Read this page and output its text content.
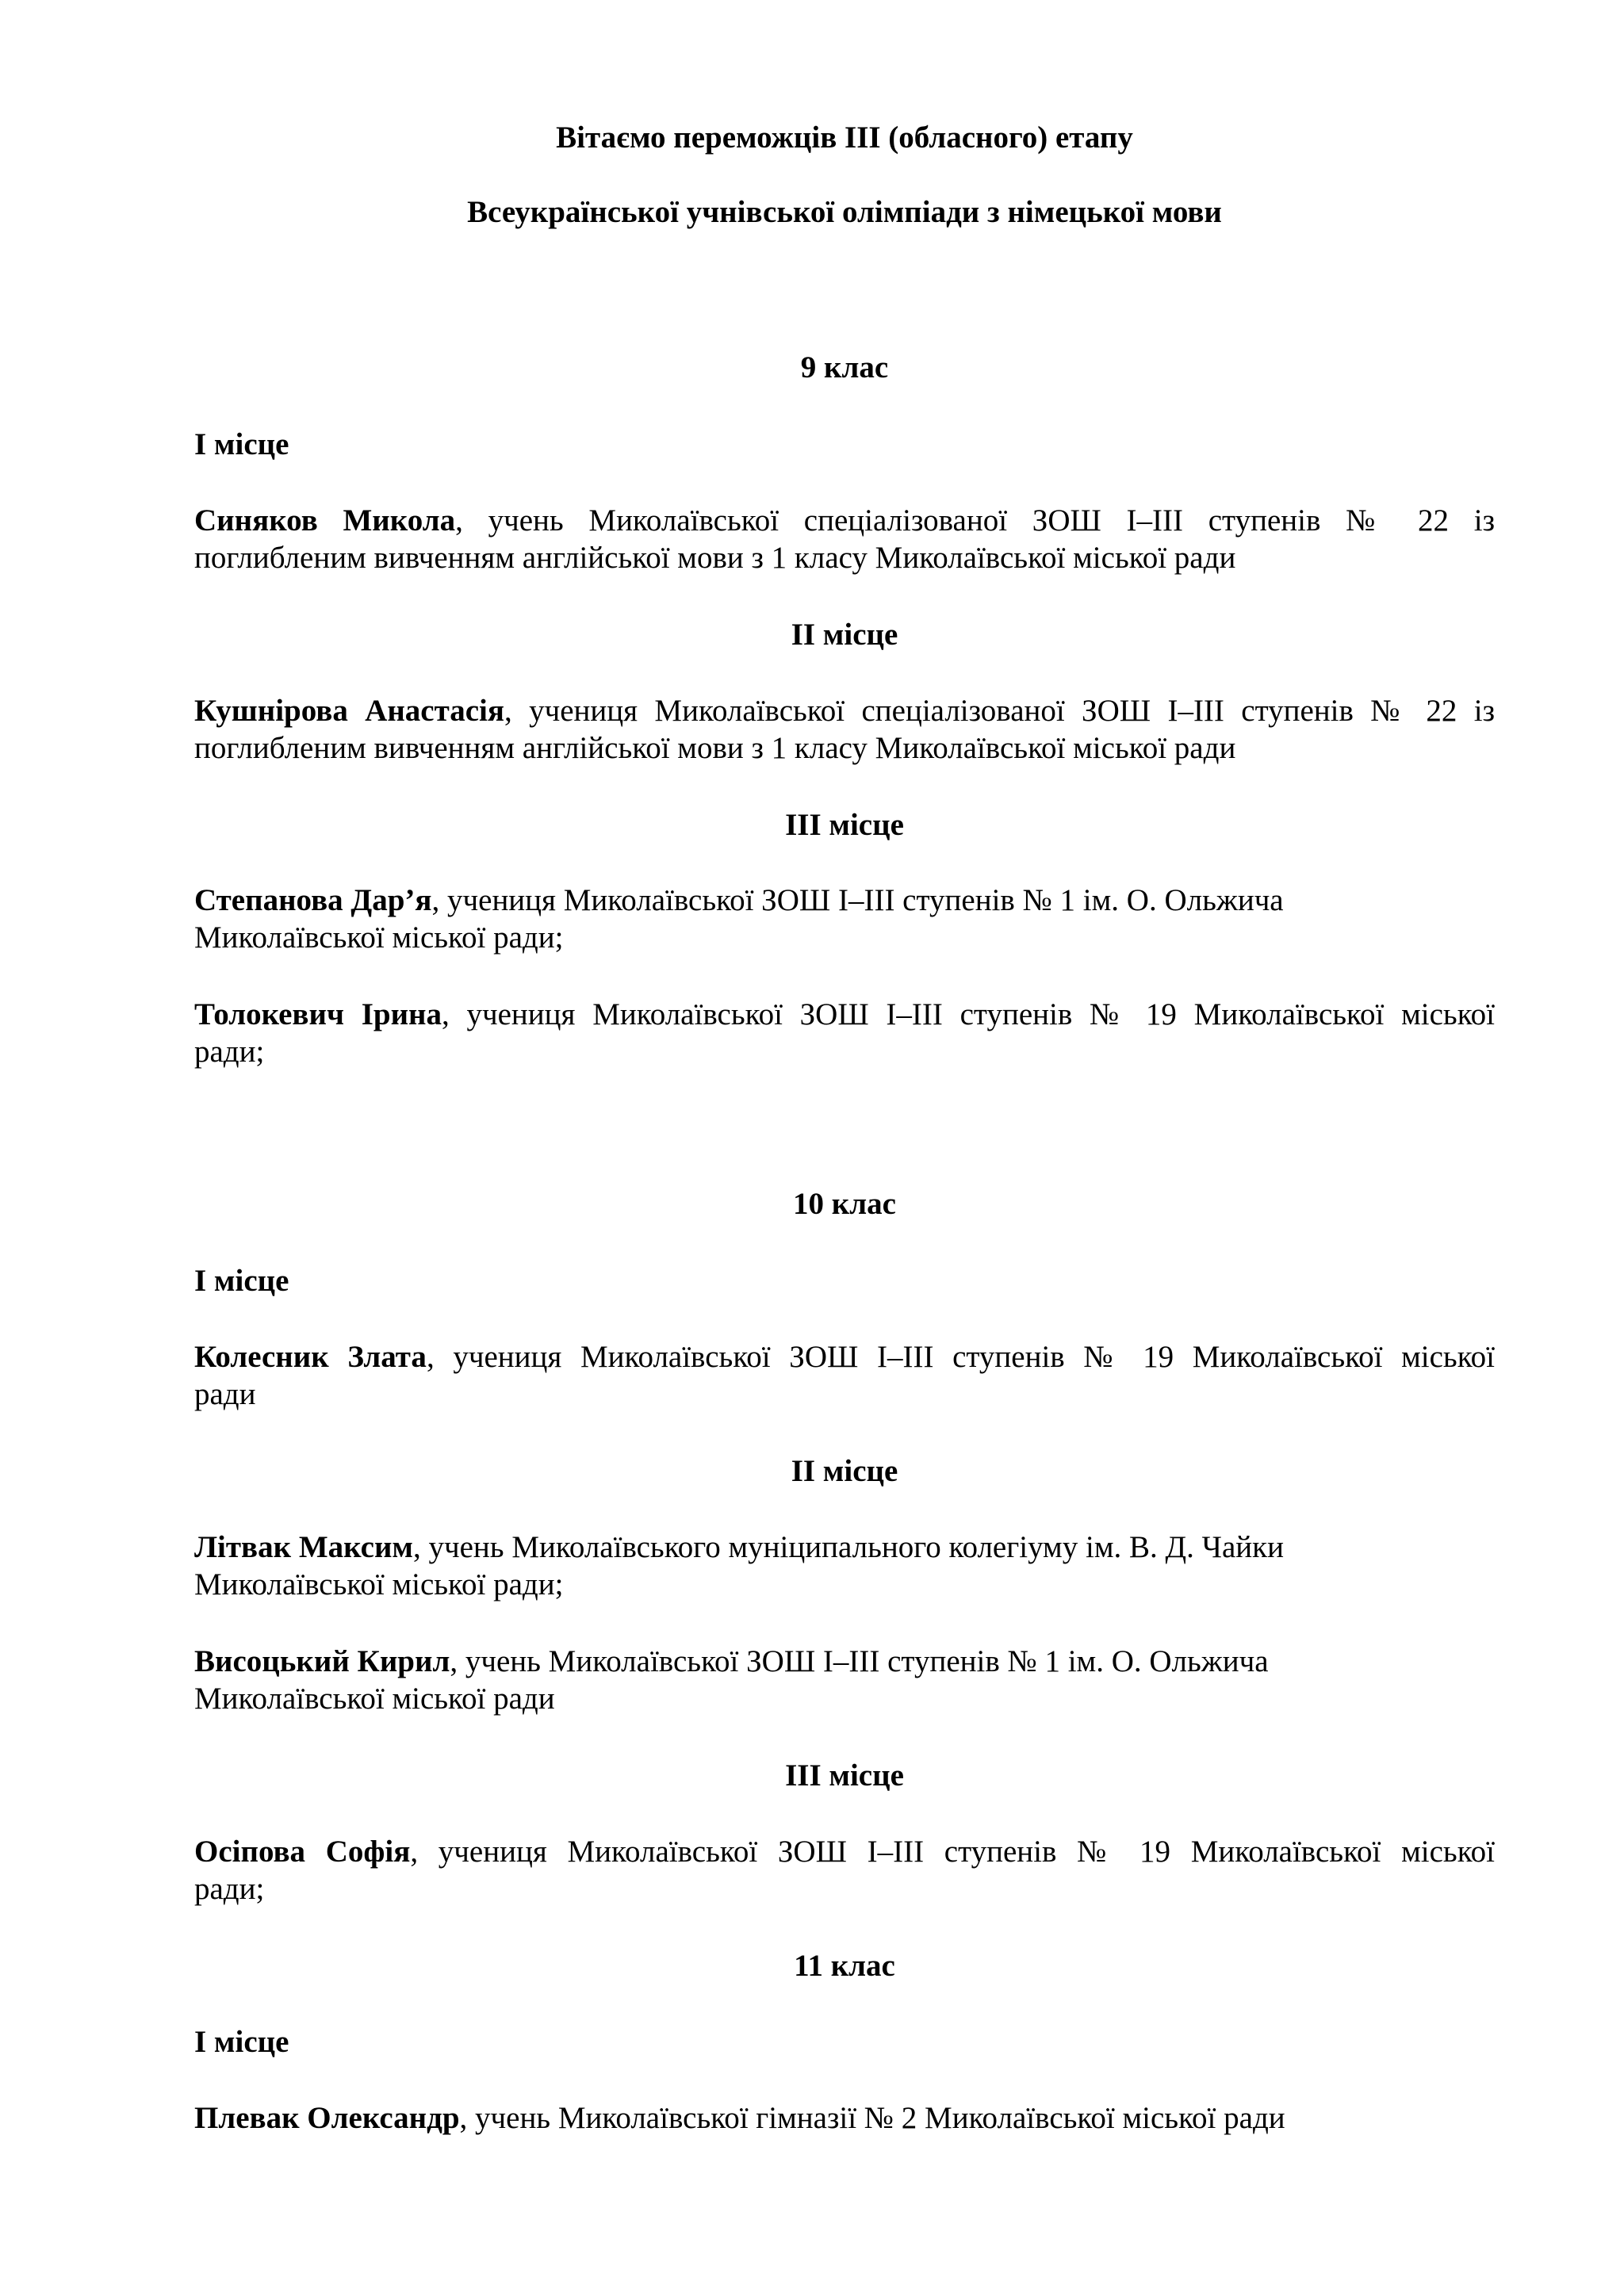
Вітаємо переможців ІІІ (обласного) етапу

Всеукраїнської учнівської олімпіади з німецької мови

9 клас

І місце

Синяков Микола, учень Миколаївської спеціалізованої ЗОШ І–ІІІ ступенів № 22 із
поглибленим вивченням англійської мови з 1 класу Миколаївської міської ради

ІІ місце

Кушнірова Анастасія, учениця Миколаївської спеціалізованої ЗОШ І–ІІІ ступенів № 22 із
поглибленим вивченням англійської мови з 1 класу Миколаївської міської ради

ІІІ місце

Степанова Дар’я, учениця Миколаївської ЗОШ І–ІІІ ступенів № 1 ім. О. Ольжича
Миколаївської міської ради;
Толокевич Ірина, учениця Миколаївської ЗОШ І–ІІІ ступенів № 19 Миколаївської міської
ради;

10 клас

І місце

Колесник Злата, учениця Миколаївської ЗОШ І–ІІІ ступенів № 19 Миколаївської міської
ради

ІІ місце

Літвак Максим, учень Миколаївського муніципального колегіуму ім. В. Д. Чайки
Миколаївської міської ради;
Висоцький Кирил, учень Миколаївської ЗОШ І–ІІІ ступенів № 1 ім. О. Ольжича
Миколаївської міської ради

ІІІ місце

Осіпова Софія, учениця Миколаївської ЗОШ І–ІІІ ступенів № 19 Миколаївської міської
ради;

11 клас

І місце

Плевак Олександр, учень Миколаївської гімназії № 2 Миколаївської міської ради
